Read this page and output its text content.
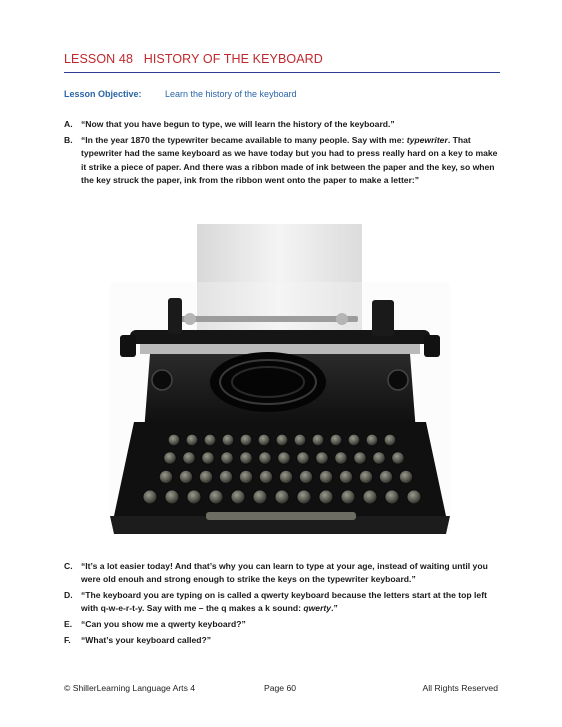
LESSON 48   HISTORY OF THE KEYBOARD
Lesson Objective:	Learn the history of the keyboard
A. “Now that you have begun to type, we will learn the history of the keyboard.”
B. “In the year 1870 the typewriter became available to many people. Say with me: typewriter. That typewriter had the same keyboard as we have today but you had to press really hard on a key to make it strike a piece of paper. And there was a ribbon made of ink between the paper and the key, so when the key struck the paper, ink from the ribbon went onto the paper to make a letter:”
C. “It’s a lot easier today! And that’s why you can learn to type at your age, instead of waiting until you were old enouh and strong enough to strike the keys on the typewriter keyboard.”
D. “The keyboard you are typing on is called a qwerty keyboard because the letters start at the top left with q-w-e-r-t-y. Say with me – the q makes a k sound: qwerty.”
E.	“Can you show me a qwerty keyboard?”
F.	“What’s your keyboard called?”
© ShillerLearning Language Arts 4	Page 60	All Rights Reserved
